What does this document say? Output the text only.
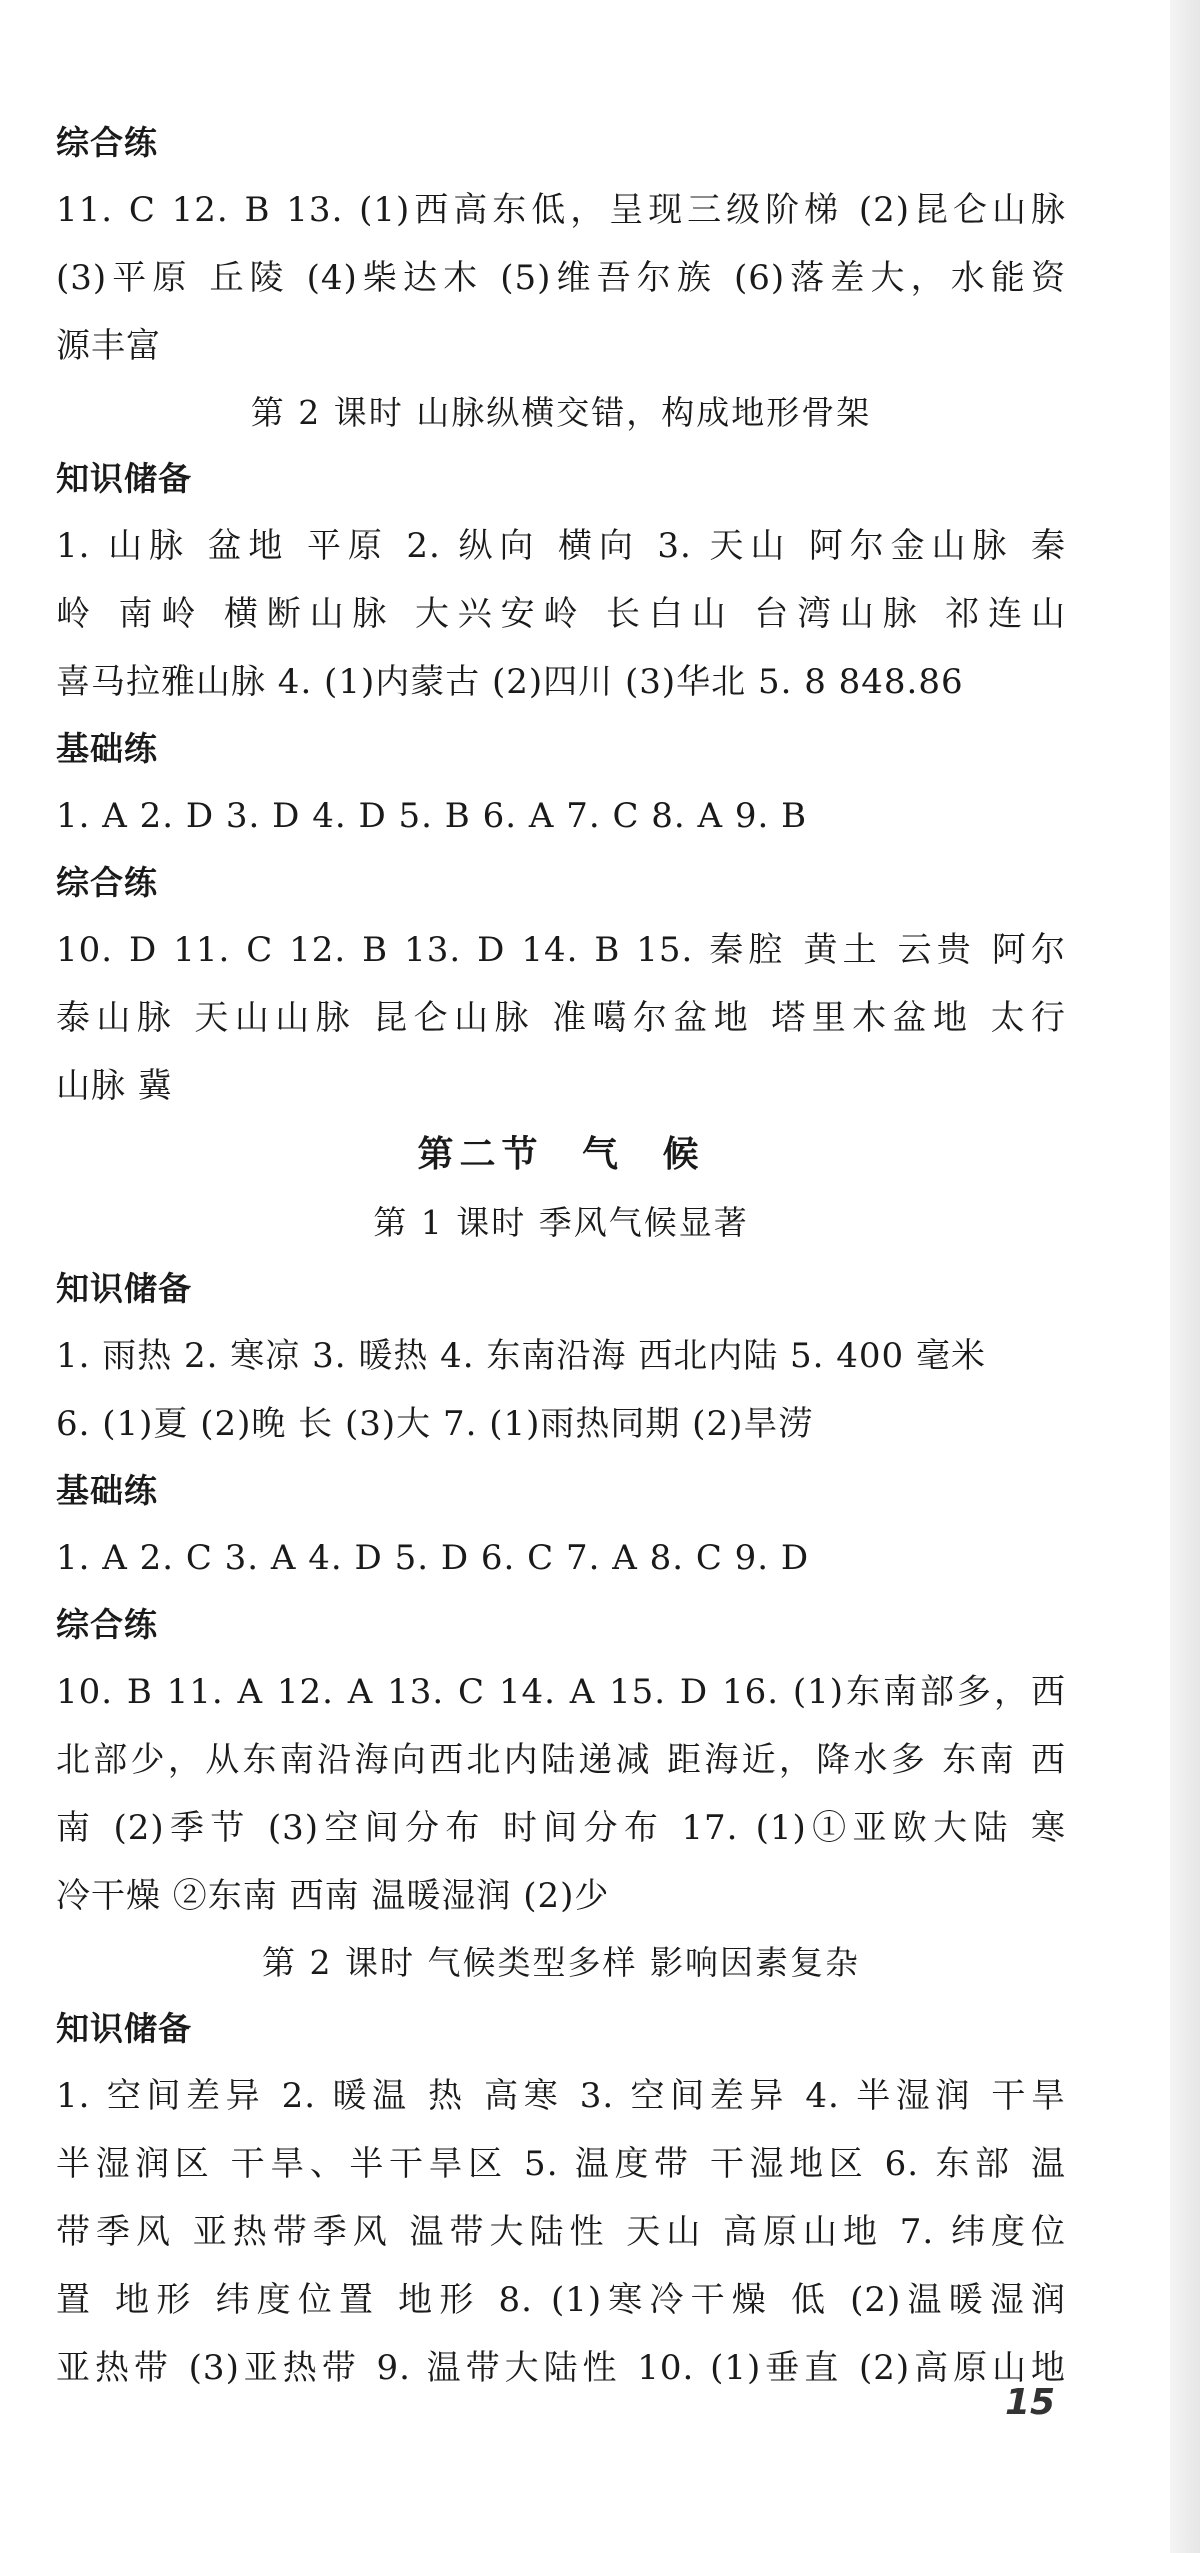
综合练
11. C 12. B 13. (1)西高东低，呈现三级阶梯 (2)昆仑山脉
(3)平原 丘陵 (4)柴达木 (5)维吾尔族 (6)落差大，水能资
源丰富
第 2 课时 山脉纵横交错，构成地形骨架
知识储备
1. 山脉 盆地 平原 2. 纵向 横向 3. 天山 阿尔金山脉 秦
岭 南岭 横断山脉 大兴安岭 长白山 台湾山脉 祁连山
喜马拉雅山脉 4. (1)内蒙古 (2)四川 (3)华北 5. 8 848.86
基础练
1. A 2. D 3. D 4. D 5. B 6. A 7. C 8. A 9. B
综合练
10. D 11. C 12. B 13. D 14. B 15. 秦腔 黄土 云贵 阿尔
泰山脉 天山山脉 昆仑山脉 准噶尔盆地 塔里木盆地 太行
山脉 冀
第二节 气 候
第 1 课时 季风气候显著
知识储备
1. 雨热 2. 寒凉 3. 暖热 4. 东南沿海 西北内陆 5. 400 毫米
6. (1)夏 (2)晚 长 (3)大 7. (1)雨热同期 (2)旱涝
基础练
1. A 2. C 3. A 4. D 5. D 6. C 7. A 8. C 9. D
综合练
10. B 11. A 12. A 13. C 14. A 15. D 16. (1)东南部多，西
北部少，从东南沿海向西北内陆递减 距海近，降水多 东南 西
南 (2)季节 (3)空间分布 时间分布 17. (1)①亚欧大陆 寒
冷干燥 ②东南 西南 温暖湿润 (2)少
第 2 课时 气候类型多样 影响因素复杂
知识储备
1. 空间差异 2. 暖温 热 高寒 3. 空间差异 4. 半湿润 干旱
半湿润区 干旱、半干旱区 5. 温度带 干湿地区 6. 东部 温
带季风 亚热带季风 温带大陆性 天山 高原山地 7. 纬度位
置 地形 纬度位置 地形 8. (1)寒冷干燥 低 (2)温暖湿润
亚热带 (3)亚热带 9. 温带大陆性 10. (1)垂直 (2)高原山地
15
